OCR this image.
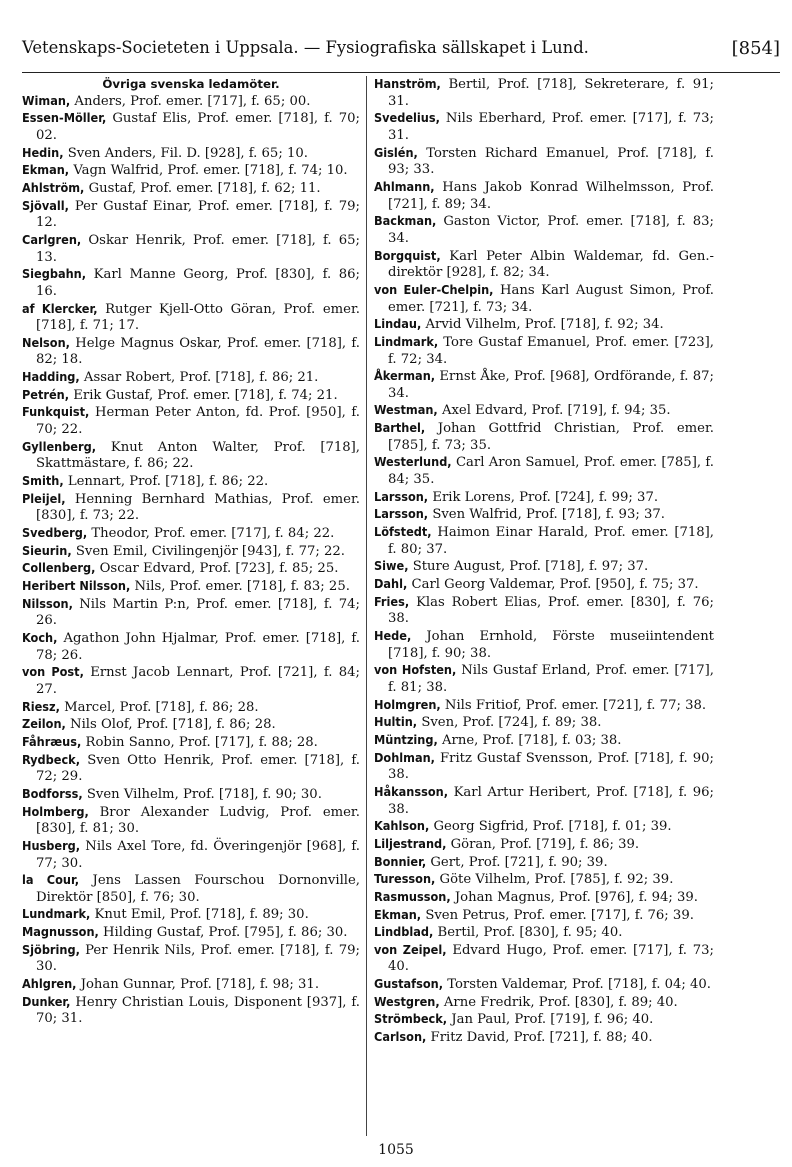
Vetenskaps-Societeten i Uppsala. — Fysiografiska sällskapet i Lund.	[854]
Övriga svenska ledamöter.

Wiman, Anders, Prof. emer. [717], f. 65; 00.

Essen-Möller, Gustaf Elis, Prof. emer. [718], f. 70; 02.

Hedin, Sven Anders, Fil. D. [928], f. 65; 10.

Ekman, Vagn Walfrid, Prof. emer. [718], f. 74; 10.

Ahlström, Gustaf, Prof. emer. [718], f. 62; 11.

Sjövall, Per Gustaf Einar, Prof. emer. [718], f. 79; 12.

Carlgren, Oskar Henrik, Prof. emer. [718], f. 65; 13.

Siegbahn, Karl Manne Georg, Prof. [830], f. 86; 16.

af Klercker, Rutger Kjell-Otto Göran, Prof. emer. [718], f. 71; 17.

Nelson, Helge Magnus Oskar, Prof. emer. [718], f. 82; 18.

Hadding, Assar Robert, Prof. [718], f. 86; 21.

Petrén, Erik Gustaf, Prof. emer. [718], f. 74; 21.

Funkquist, Herman Peter Anton, fd. Prof. [950], f. 70; 22.

Gyllenberg, Knut Anton Walter, Prof. [718], Skattmästare, f. 86; 22.

Smith, Lennart, Prof. [718], f. 86; 22.

Pleijel, Henning Bernhard Mathias, Prof. emer. [830], f. 73; 22.

Svedberg, Theodor, Prof. emer. [717], f. 84; 22.

Sieurin, Sven Emil, Civilingenjör [943], f. 77; 22.

Collenberg, Oscar Edvard, Prof. [723], f. 85; 25.

Heribert Nilsson, Nils, Prof. emer. [718], f. 83; 25.

Nilsson, Nils Martin P:n, Prof. emer. [718], f. 74; 26.

Koch, Agathon John Hjalmar, Prof. emer. [718], f. 78; 26.

von Post, Ernst Jacob Lennart, Prof. [721], f. 84; 27.

Riesz, Marcel, Prof. [718], f. 86; 28.

Zeilon, Nils Olof, Prof. [718], f. 86; 28.

Fåhræus, Robin Sanno, Prof. [717], f. 88; 28.

Rydbeck, Sven Otto Henrik, Prof. emer. [718], f. 72; 29.

Bodforss, Sven Vilhelm, Prof. [718], f. 90; 30.

Holmberg, Bror Alexander Ludvig, Prof. emer. [830], f. 81; 30.

Husberg, Nils Axel Tore, fd. Överingenjör [968], f. 77; 30.

la Cour, Jens Lassen Fourschou Dornonville, Direktör [850], f. 76; 30.

Lundmark, Knut Emil, Prof. [718], f. 89; 30.

Magnusson, Hilding Gustaf, Prof. [795], f. 86; 30.

Sjöbring, Per Henrik Nils, Prof. emer. [718], f. 79; 30.

Ahlgren, Johan Gunnar, Prof. [718], f. 98; 31.

Dunker, Henry Christian Louis, Disponent [937], f. 70; 31.

Hanström, Bertil, Prof. [718], Sekreterare, f. 91; 31.

Svedelius, Nils Eberhard, Prof. emer. [717], f. 73; 31.

Gislén, Torsten Richard Emanuel, Prof. [718], f. 93; 33.

Ahlmann, Hans Jakob Konrad Wilhelmsson, Prof. [721], f. 89; 34.

Backman, Gaston Victor, Prof. emer. [718], f. 83; 34.

Borgquist, Karl Peter Albin Waldemar, fd. Gen.-direktör [928], f. 82; 34.

von Euler-Chelpin, Hans Karl August Simon, Prof. emer. [721], f. 73; 34.

Lindau, Arvid Vilhelm, Prof. [718], f. 92; 34.

Lindmark, Tore Gustaf Emanuel, Prof. emer. [723], f. 72; 34.

Åkerman, Ernst Åke, Prof. [968], Ordförande, f. 87; 34.

Westman, Axel Edvard, Prof. [719], f. 94; 35.

Barthel, Johan Gottfrid Christian, Prof. emer. [785], f. 73; 35.

Westerlund, Carl Aron Samuel, Prof. emer. [785], f. 84; 35.

Larsson, Erik Lorens, Prof. [724], f. 99; 37.

Larsson, Sven Walfrid, Prof. [718], f. 93; 37.

Löfstedt, Haimon Einar Harald, Prof. emer. [718], f. 80; 37.

Siwe, Sture August, Prof. [718], f. 97; 37.

Dahl, Carl Georg Valdemar, Prof. [950], f. 75; 37.

Fries, Klas Robert Elias, Prof. emer. [830], f. 76; 38.

Hede, Johan Ernhold, Förste museiintendent [718], f. 90; 38.

von Hofsten, Nils Gustaf Erland, Prof. emer. [717], f. 81; 38.

Holmgren, Nils Fritiof, Prof. emer. [721], f. 77; 38.

Hultin, Sven, Prof. [724], f. 89; 38.

Müntzing, Arne, Prof. [718], f. 03; 38.

Dohlman, Fritz Gustaf Svensson, Prof. [718], f. 90; 38.

Håkansson, Karl Artur Heribert, Prof. [718], f. 96; 38.

Kahlson, Georg Sigfrid, Prof. [718], f. 01; 39.

Liljestrand, Göran, Prof. [719], f. 86; 39.

Bonnier, Gert, Prof. [721], f. 90; 39.

Turesson, Göte Vilhelm, Prof. [785], f. 92; 39.

Rasmusson, Johan Magnus, Prof. [976], f. 94; 39.

Ekman, Sven Petrus, Prof. emer. [717], f. 76; 39.

Lindblad, Bertil, Prof. [830], f. 95; 40.

von Zeipel, Edvard Hugo, Prof. emer. [717], f. 73; 40.

Gustafson, Torsten Valdemar, Prof. [718], f. 04; 40.

Westgren, Arne Fredrik, Prof. [830], f. 89; 40.

Strömbeck, Jan Paul, Prof. [719], f. 96; 40.

Carlson, Fritz David, Prof. [721], f. 88; 40.

1055
